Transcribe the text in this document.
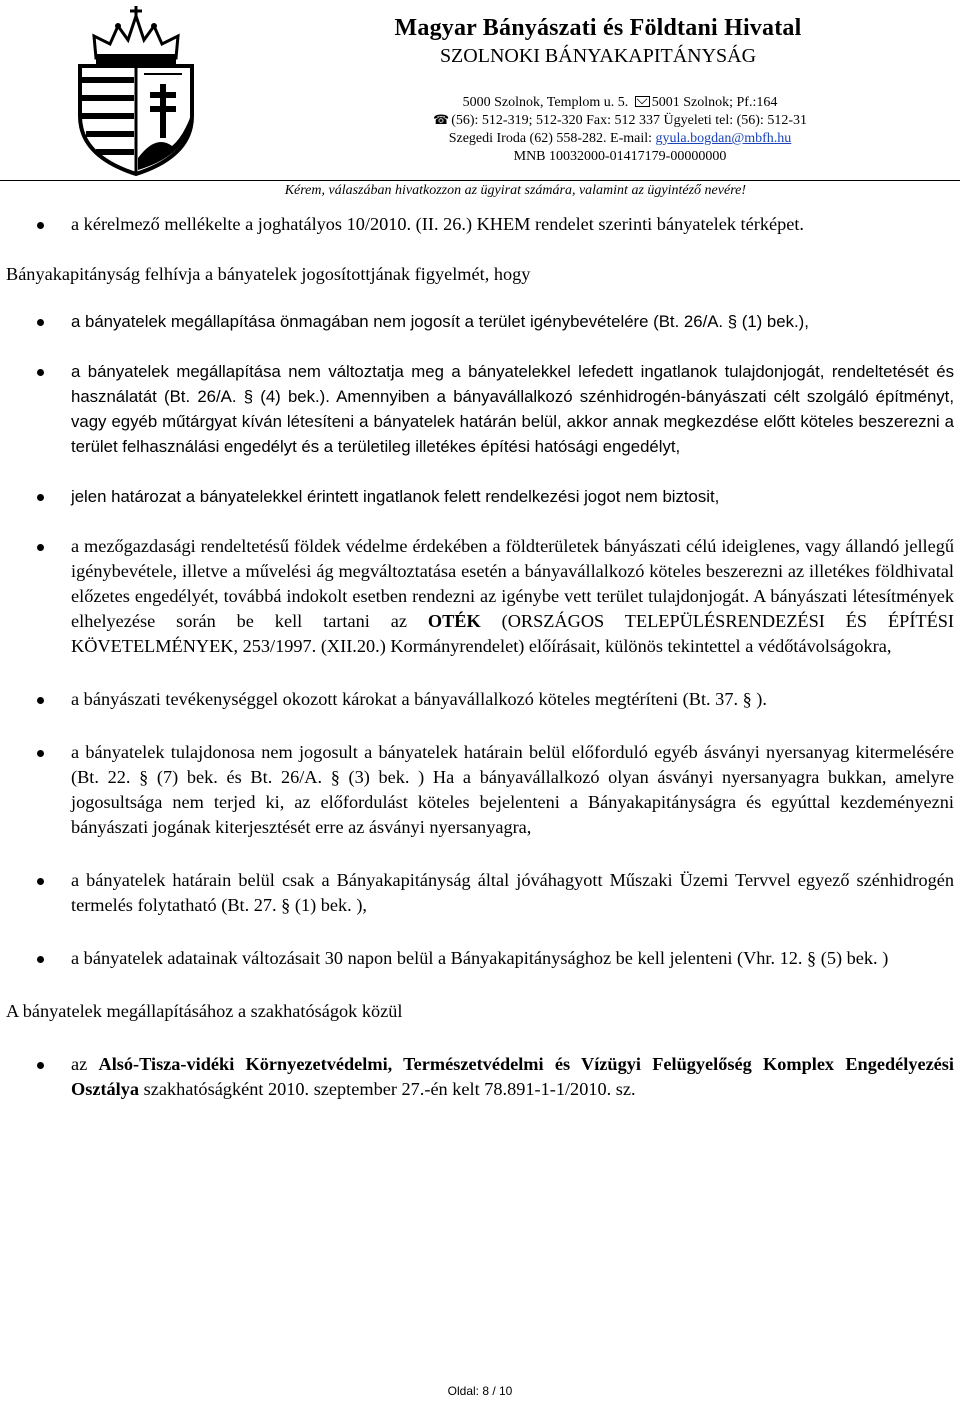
Magyar Bányászati és Földtani Hivatal
SZOLNOKI BÁNYAKAPITÁNYSÁG
5000 Szolnok, Templom u. 5. 5001 Szolnok; Pf.:164
☎ (56): 512-319; 512-320 Fax: 512 337 Ügyeleti tel: (56): 512-31
Szegedi Iroda (62) 558-282. E-mail: gyula.bogdan@mbfh.hu
MNB 10032000-01417179-00000000
Kérem, válaszában hivatkozzon az ügyirat számára, valamint az ügyintéző nevére!
a kérelmező mellékelte a joghatályos 10/2010. (II. 26.) KHEM rendelet szerinti bányatelek térképet.
Bányakapitányság felhívja a bányatelek jogosítottjának figyelmét, hogy
a bányatelek megállapítása önmagában nem jogosít a terület igénybevételére (Bt. 26/A. § (1) bek.),
a bányatelek megállapítása nem változtatja meg a bányatelekkel lefedett ingatlanok tulajdonjogát, rendeltetését és használatát (Bt. 26/A. § (4) bek.). Amennyiben a bányavállalkozó szénhidrogén-bányászati célt szolgáló építményt, vagy egyéb műtárgyat kíván létesíteni a bányatelek határán belül, akkor annak megkezdése előtt köteles beszerezni a terület felhasználási engedélyt és a területileg illetékes építési hatósági engedélyt,
jelen határozat a bányatelekkel érintett ingatlanok felett rendelkezési jogot nem biztosit,
a mezőgazdasági rendeltetésű földek védelme érdekében a földterületek bányászati célú ideiglenes, vagy állandó jellegű igénybevétele, illetve a művelési ág megváltoztatása esetén a bányavállalkozó köteles beszerezni az illetékes földhivatal előzetes engedélyét, továbbá indokolt esetben rendezni az igénybe vett terület tulajdonjogát. A bányászati létesítmények elhelyezése során be kell tartani az OTÉK (ORSZÁGOS TELEPÜLÉSRENDEZÉSI ÉS ÉPÍTÉSI KÖVETELMÉNYEK, 253/1997. (XII.20.) Kormányrendelet) előírásait, különös tekintettel a védőtávolságokra,
a bányászati tevékenységgel okozott károkat a bányavállalkozó köteles megtéríteni (Bt. 37. § ).
a bányatelek tulajdonosa nem jogosult a bányatelek határain belül előforduló egyéb ásványi nyersanyag kitermelésére (Bt. 22. § (7) bek. és Bt. 26/A. § (3) bek. ) Ha a bányavállalkozó olyan ásványi nyersanyagra bukkan, amelyre jogosultsága nem terjed ki, az előfordulást köteles bejelenteni a Bányakapitányságra és egyúttal kezdeményezni bányászati jogának kiterjesztését erre az ásványi nyersanyagra,
a bányatelek határain belül csak a Bányakapitányság által jóváhagyott Műszaki Üzemi Tervvel egyező szénhidrogén termelés folytatható (Bt. 27. § (1) bek. ),
a bányatelek adatainak változásait 30 napon belül a Bányakapitánysághoz be kell jelenteni (Vhr. 12. § (5) bek. )
A bányatelek megállapításához a szakhatóságok közül
az Alsó-Tisza-vidéki Környezetvédelmi, Természetvédelmi és Vízügyi Felügyelőség Komplex Engedélyezési Osztálya szakhatóságként 2010. szeptember 27.-én kelt 78.891-1-1/2010. sz.
Oldal: 8 / 10
